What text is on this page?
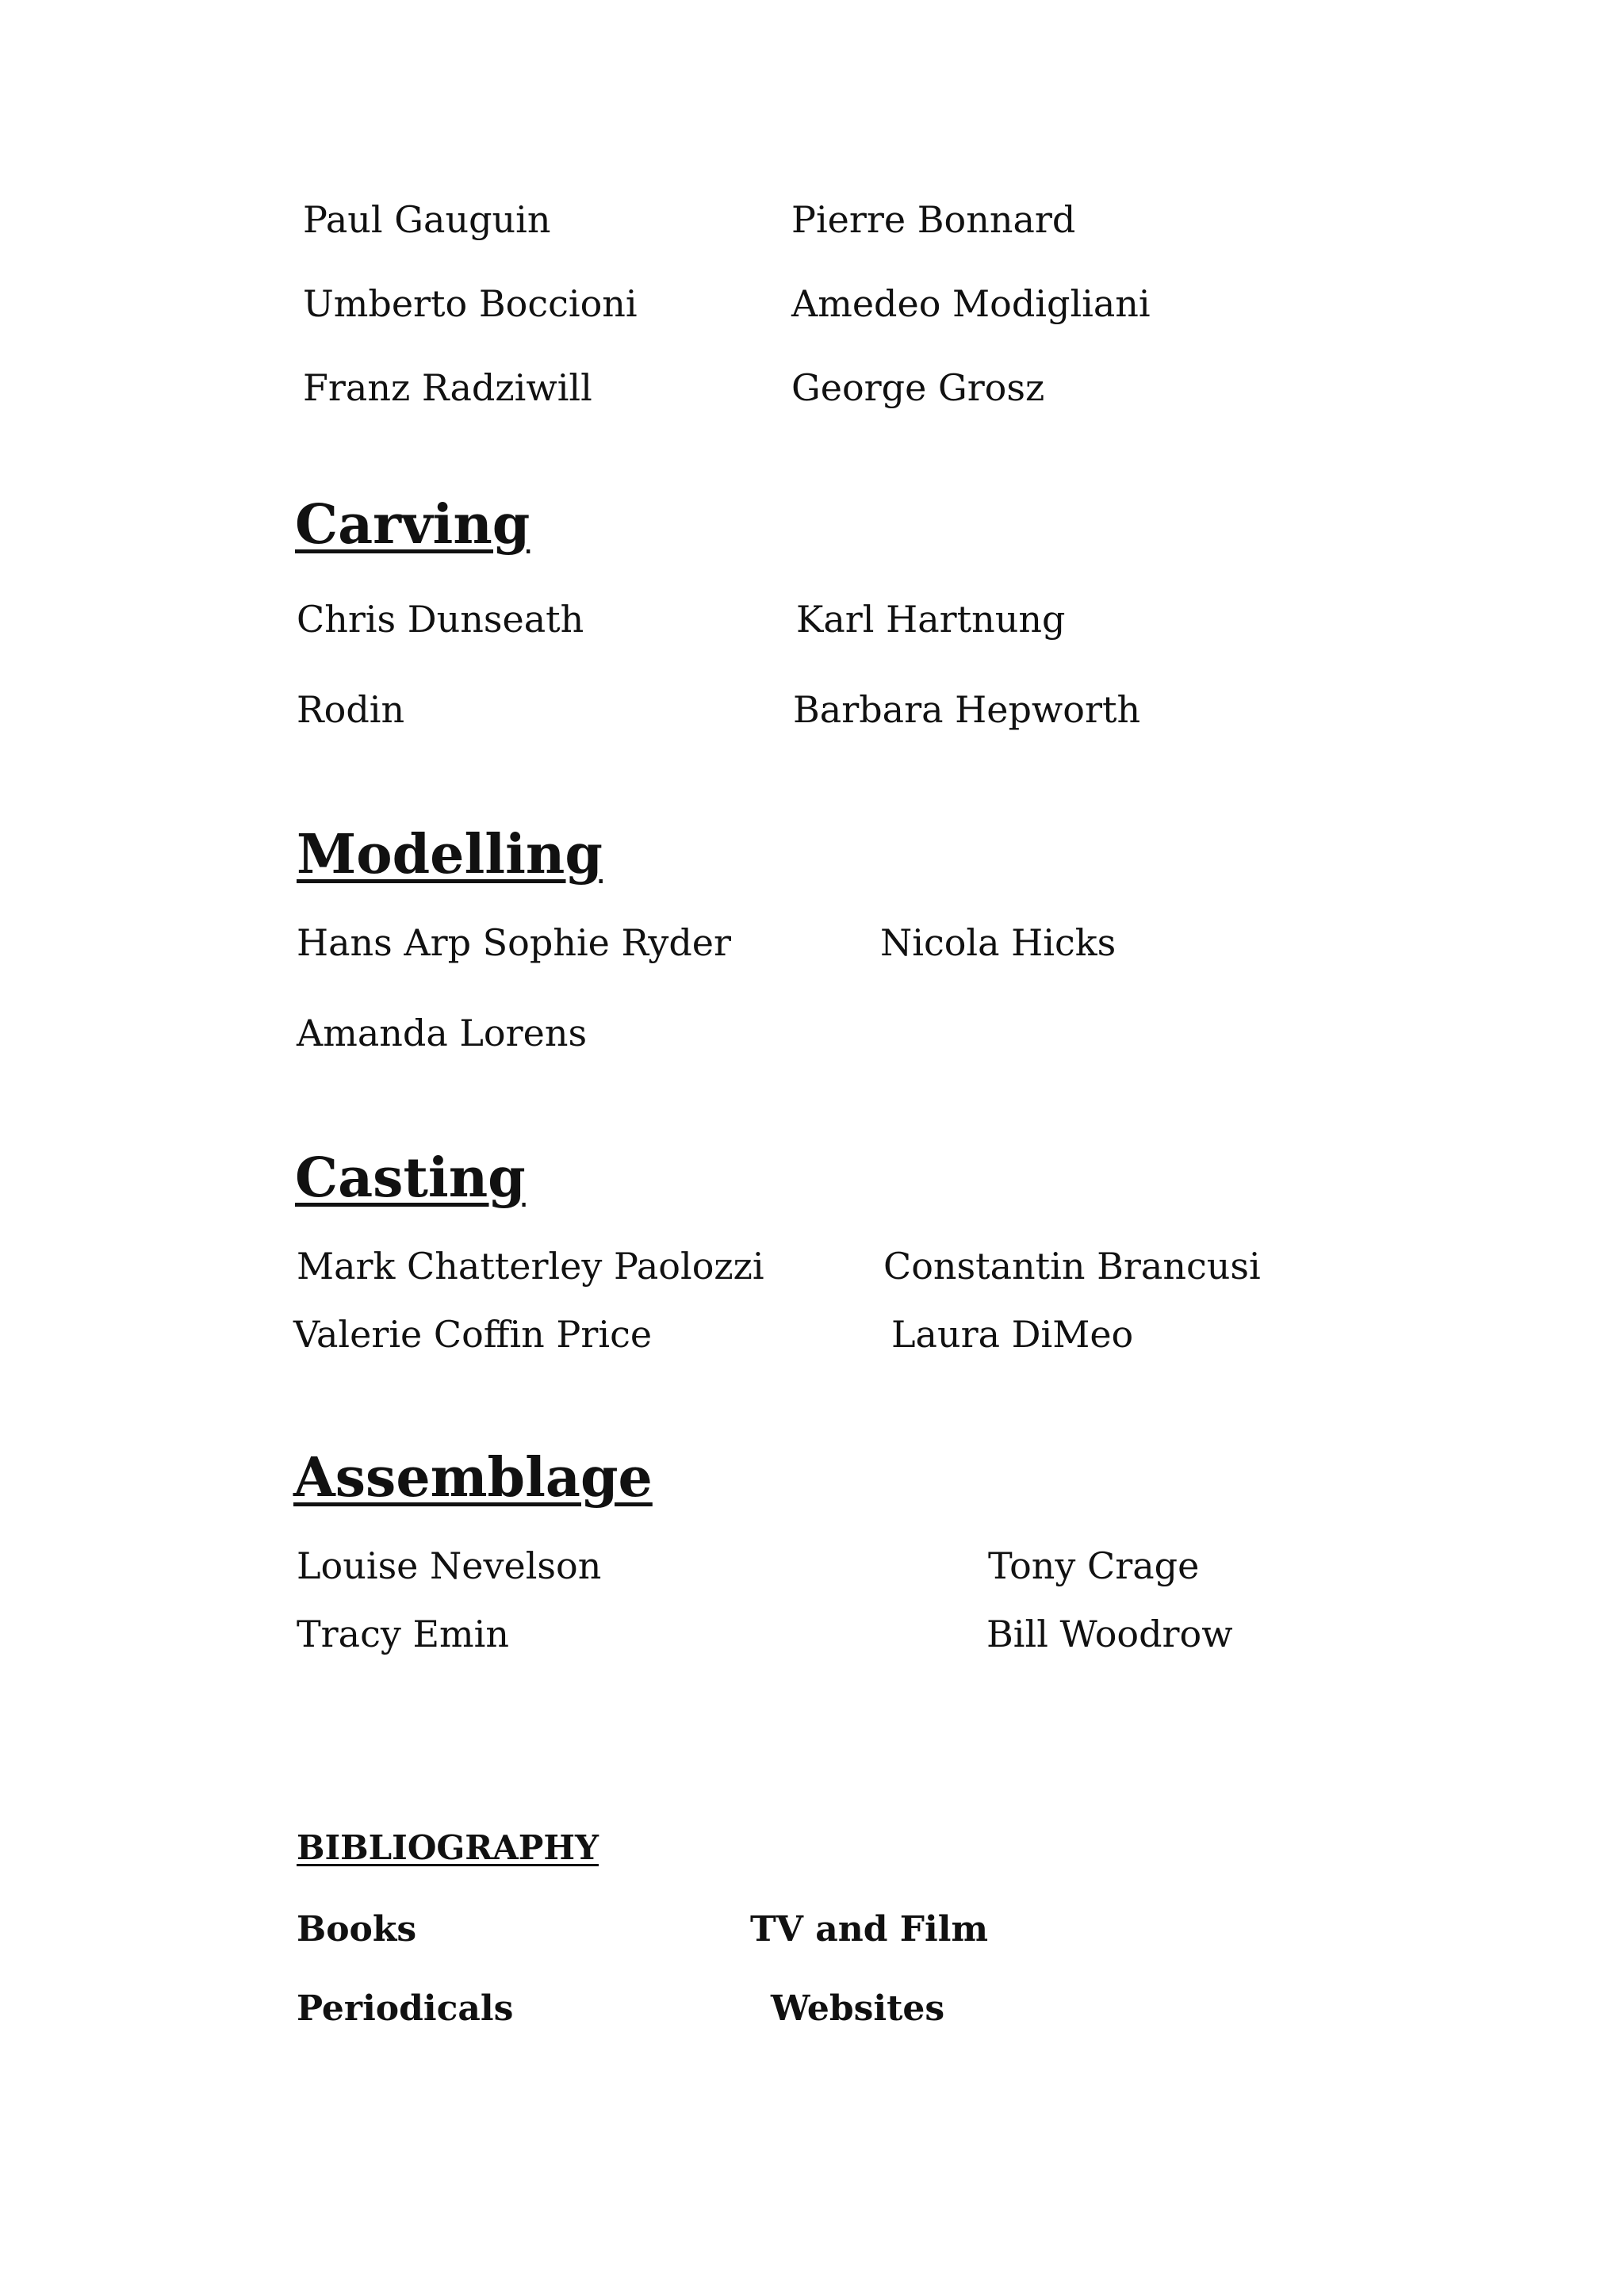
Paul Gauguin	Pierre Bonnard
Umberto Boccioni	Amedeo Modigliani
Franz Radziwill	George Grosz
Carving
Chris Dunseath	Karl Hartnung
Rodin	Barbara Hepworth
Modelling
Hans Arp Sophie Ryder	Nicola Hicks
Amanda Lorens
Casting
Mark Chatterley Paolozzi	Constantin Brancusi
Valerie Coffin Price	Laura DiMeo
Assemblage
Louise Nevelson	Tony Crage
Tracy Emin	Bill Woodrow
BIBLIOGRAPHY
Books	TV and Film
Periodicals	Websites
